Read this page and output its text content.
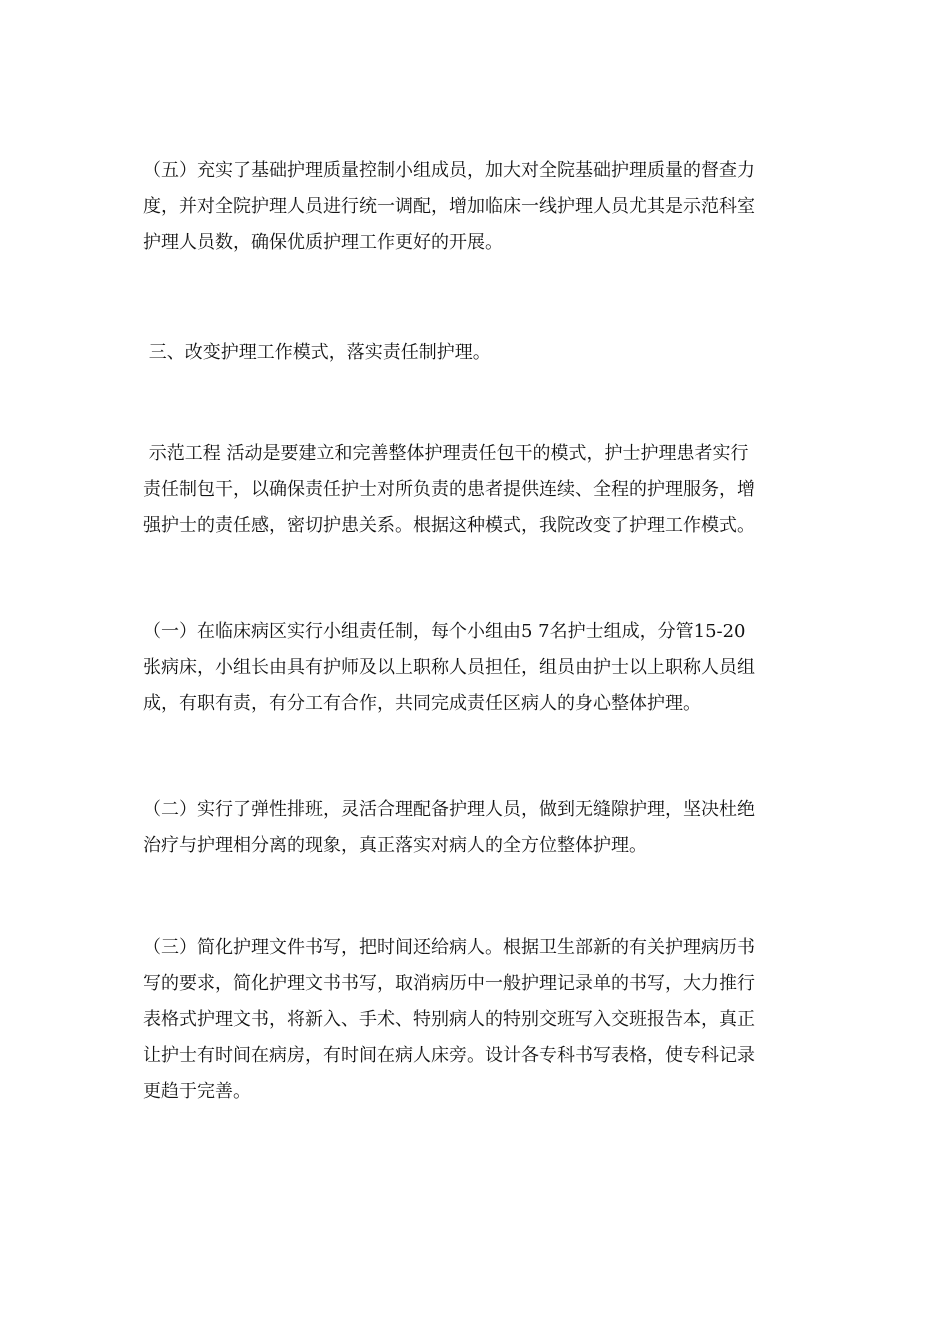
（五）充实了基础护理质量控制小组成员，加大对全院基础护理质量的督查力
度，并对全院护理人员进行统一调配，增加临床一线护理人员尤其是示范科室
护理人员数，确保优质护理工作更好的开展。
三、改变护理工作模式，落实责任制护理。
示范工程 活动是要建立和完善整体护理责任包干的模式，护士护理患者实行
责任制包干，以确保责任护士对所负责的患者提供连续、全程的护理服务，增
强护士的责任感，密切护患关系。根据这种模式，我院改变了护理工作模式。
（一）在临床病区实行小组责任制，每个小组由5 7名护士组成，分管15-20
张病床，小组长由具有护师及以上职称人员担任，组员由护士以上职称人员组
成，有职有责，有分工有合作，共同完成责任区病人的身心整体护理。
（二）实行了弹性排班，灵活合理配备护理人员，做到无缝隙护理，坚决杜绝
治疗与护理相分离的现象，真正落实对病人的全方位整体护理。
（三）简化护理文件书写，把时间还给病人。根据卫生部新的有关护理病历书
写的要求，简化护理文书书写，取消病历中一般护理记录单的书写，大力推行
表格式护理文书，将新入、手术、特别病人的特别交班写入交班报告本，真正
让护士有时间在病房，有时间在病人床旁。设计各专科书写表格，使专科记录
更趋于完善。
